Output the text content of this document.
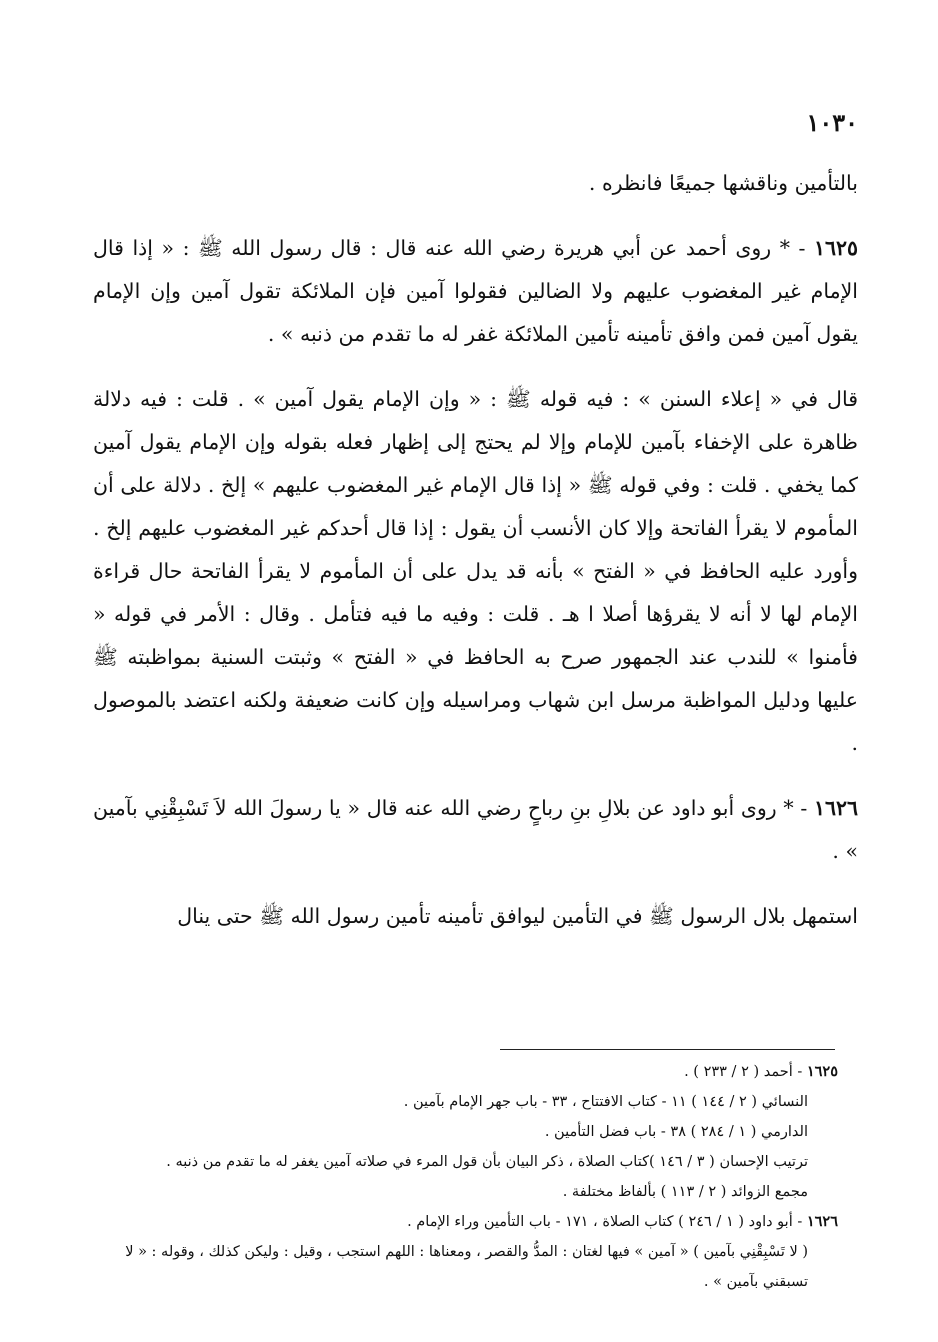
١٠٣٠

بالتأمين وناقشها جميعًا فانظره .

١٦٢٥ - * روى أحمد عن أبي هريرة رضي الله عنه قال : قال رسول الله ﷺ : « إذا قال الإمام غير المغضوب عليهم ولا الضالين فقولوا آمين فإن الملائكة تقول آمين وإن الإمام يقول آمين فمن وافق تأمينه تأمين الملائكة غفر له ما تقدم من ذنبه » .

قال في « إعلاء السنن » : فيه قوله ﷺ : « وإن الإمام يقول آمين » . قلت : فيه دلالة ظاهرة على الإخفاء بآمين للإمام وإلا لم يحتج إلى إظهار فعله بقوله وإن الإمام يقول آمين كما يخفي . قلت : وفي قوله ﷺ « إذا قال الإمام غير المغضوب عليهم » إلخ . دلالة على أن المأموم لا يقرأ الفاتحة وإلا كان الأنسب أن يقول : إذا قال أحدكم غير المغضوب عليهم إلخ . وأورد عليه الحافظ في « الفتح » بأنه قد يدل على أن المأموم لا يقرأ الفاتحة حال قراءة الإمام لها لا أنه لا يقرؤها أصلا ا هـ . قلت : وفيه ما فيه فتأمل . وقال : الأمر في قوله « فأمنوا » للندب عند الجمهور صرح به الحافظ في « الفتح » وثبتت السنية بمواظبته ﷺ عليها ودليل المواظبة مرسل ابن شهاب ومراسيله وإن كانت ضعيفة ولكنه اعتضد بالموصول .

١٦٢٦ - * روى أبو داود عن بلالِ بنِ رباحٍ رضي الله عنه قال « يا رسولَ الله لاَ تَسْبِقْنِي بآمين » .

استمهل بلال الرسول ﷺ في التأمين ليوافق تأمينه تأمين رسول الله ﷺ حتى ينال

١٦٢٥ - أحمد ( ٢ / ٢٣٣ ) .

النسائي ( ٢ / ١٤٤ ) ١١ - كتاب الافتتاح ، ٣٣ - باب جهر الإمام بآمين .

الدارمي ( ١ / ٢٨٤ ) ٣٨ - باب فضل التأمين .

ترتيب الإحسان ( ٣ / ١٤٦ )كتاب الصلاة ، ذكر البيان بأن قول المرء في صلاته آمين يغفر له ما تقدم من ذنبه .

مجمع الزوائد ( ٢ / ١١٣ ) بألفاظ مختلفة .

١٦٢٦ - أبو داود ( ١ / ٢٤٦ ) كتاب الصلاة ، ١٧١ - باب التأمين وراء الإمام .

( لا تَسْبِقْنِي بآمين ) « آمين » فيها لغتان : المدُّ والقصر ، ومعناها : اللهم استجب ، وقيل : وليكن كذلك ، وقوله : « لا تسبقني بآمين » .
